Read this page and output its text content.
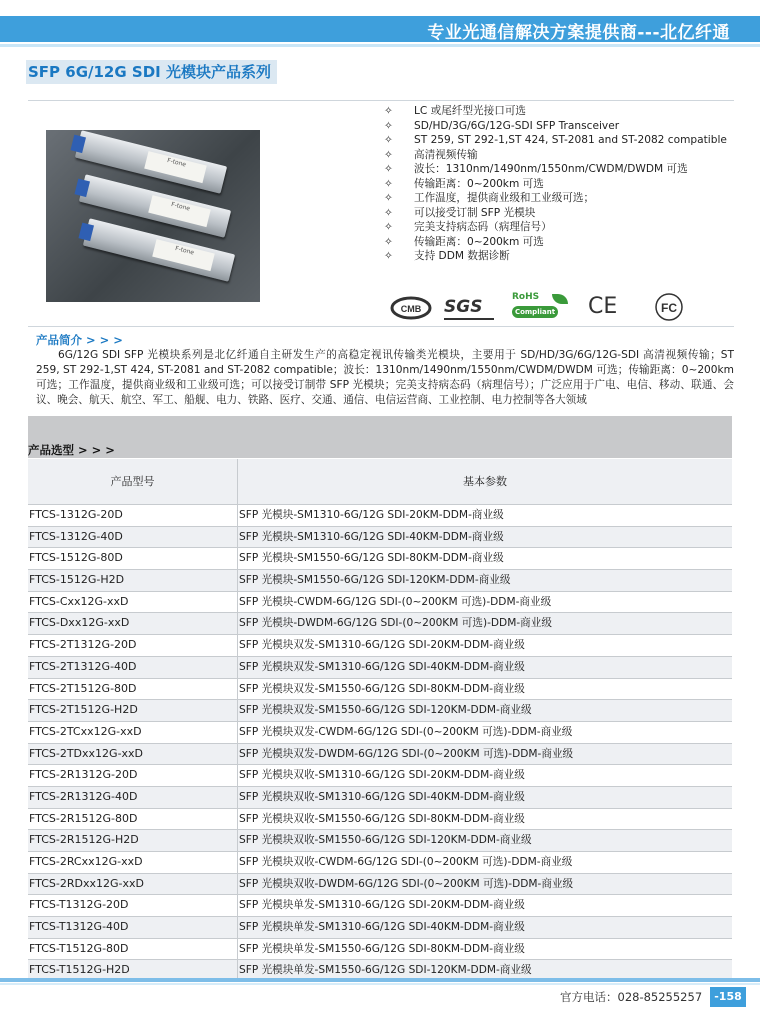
专业光通信解决方案提供商---北亿纤通
SFP 6G/12G SDI 光模块产品系列
F-tone
F-tone
F-tone
✧ LC 或尾纤型光接口可选
✧ SD/HD/3G/6G/12G-SDI SFP Transceiver
✧ ST 259, ST 292-1,ST 424, ST-2081 and ST-2082 compatible
✧ 高清视频传输
✧ 波长：1310nm/1490nm/1550nm/CWDM/DWDM 可选
✧ 传输距离：0~200km 可选
✧ 工作温度，提供商业级和工业级可选；
✧ 可以接受订制 SFP 光模块
✧ 完美支持病态码（病理信号）
✧ 传输距离：0~200km 可选
✧ 支持 DDM 数据诊断
CMB SGS	RoHS
Compliant CE	FC
产品简介 > > >

6G/12G SDI SFP 光模块系列是北亿纤通自主研发生产的高稳定视讯传输类光模块，主要用于 SD/HD/3G/6G/12G-SDI 高清视频传输；ST 259, ST 292-1,ST 424, ST-2081 and ST-2082 compatible；波长：1310nm/1490nm/1550nm/CWDM/DWDM 可选；传输距离：0~200km 可选；工作温度，提供商业级和工业级可选；可以接受订制带 SFP 光模块；完美支持病态码（病理信号）；广泛应用于广电、电信、移动、联通、会议、晚会、航天、航空、军工、船舰、电力、铁路、医疗、交通、通信、电信运营商、工业控制、电力控制等各大领域

产品选型 > > >
产品型号	基本参数
FTCS-1312G-20D	SFP 光模块-SM1310-6G/12G SDI-20KM-DDM-商业级
FTCS-1312G-40D	SFP 光模块-SM1310-6G/12G SDI-40KM-DDM-商业级
FTCS-1512G-80D	SFP 光模块-SM1550-6G/12G SDI-80KM-DDM-商业级
FTCS-1512G-H2D	SFP 光模块-SM1550-6G/12G SDI-120KM-DDM-商业级
FTCS-Cxx12G-xxD	SFP 光模块-CWDM-6G/12G SDI-(0~200KM 可选)-DDM-商业级
FTCS-Dxx12G-xxD	SFP 光模块-DWDM-6G/12G SDI-(0~200KM 可选)-DDM-商业级
FTCS-2T1312G-20D	SFP 光模块双发-SM1310-6G/12G SDI-20KM-DDM-商业级
FTCS-2T1312G-40D	SFP 光模块双发-SM1310-6G/12G SDI-40KM-DDM-商业级
FTCS-2T1512G-80D	SFP 光模块双发-SM1550-6G/12G SDI-80KM-DDM-商业级
FTCS-2T1512G-H2D	SFP 光模块双发-SM1550-6G/12G SDI-120KM-DDM-商业级
FTCS-2TCxx12G-xxD	SFP 光模块双发-CWDM-6G/12G SDI-(0~200KM 可选)-DDM-商业级
FTCS-2TDxx12G-xxD	SFP 光模块双发-DWDM-6G/12G SDI-(0~200KM 可选)-DDM-商业级
FTCS-2R1312G-20D	SFP 光模块双收-SM1310-6G/12G SDI-20KM-DDM-商业级
FTCS-2R1312G-40D	SFP 光模块双收-SM1310-6G/12G SDI-40KM-DDM-商业级
FTCS-2R1512G-80D	SFP 光模块双收-SM1550-6G/12G SDI-80KM-DDM-商业级
FTCS-2R1512G-H2D	SFP 光模块双收-SM1550-6G/12G SDI-120KM-DDM-商业级
FTCS-2RCxx12G-xxD	SFP 光模块双收-CWDM-6G/12G SDI-(0~200KM 可选)-DDM-商业级
FTCS-2RDxx12G-xxD	SFP 光模块双收-DWDM-6G/12G SDI-(0~200KM 可选)-DDM-商业级
FTCS-T1312G-20D	SFP 光模块单发-SM1310-6G/12G SDI-20KM-DDM-商业级
FTCS-T1312G-40D	SFP 光模块单发-SM1310-6G/12G SDI-40KM-DDM-商业级
FTCS-T1512G-80D	SFP 光模块单发-SM1550-6G/12G SDI-80KM-DDM-商业级
FTCS-T1512G-H2D	SFP 光模块单发-SM1550-6G/12G SDI-120KM-DDM-商业级
官方电话：028-85255257	-158
